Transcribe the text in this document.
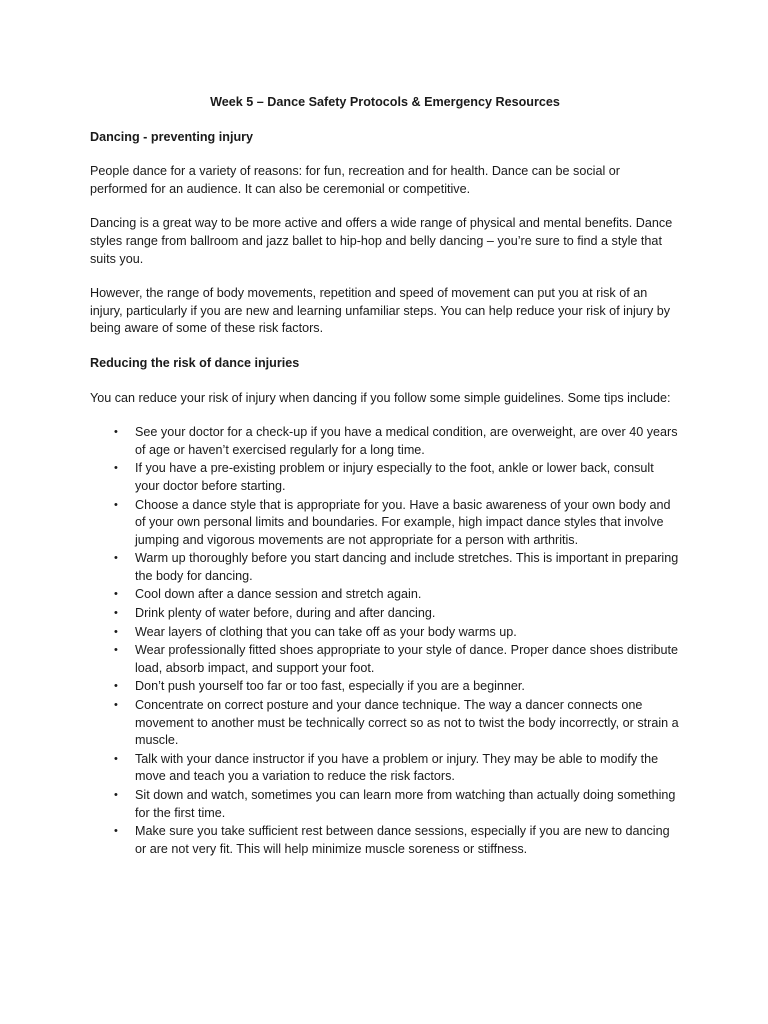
Week 5 – Dance Safety Protocols & Emergency Resources
Dancing - preventing injury

People dance for a variety of reasons: for fun, recreation and for health. Dance can be social or performed for an audience. It can also be ceremonial or competitive.

Dancing is a great way to be more active and offers a wide range of physical and mental benefits. Dance styles range from ballroom and jazz ballet to hip-hop and belly dancing – you’re sure to find a style that suits you.

However, the range of body movements, repetition and speed of movement can put you at risk of an injury, particularly if you are new and learning unfamiliar steps. You can help reduce your risk of injury by being aware of some of these risk factors.

Reducing the risk of dance injuries

You can reduce your risk of injury when dancing if you follow some simple guidelines. Some tips include:

• See your doctor for a check-up if you have a medical condition, are overweight, are over 40 years of age or haven’t exercised regularly for a long time.
• If you have a pre-existing problem or injury especially to the foot, ankle or lower back, consult your doctor before starting.
• Choose a dance style that is appropriate for you. Have a basic awareness of your own body and of your own personal limits and boundaries. For example, high impact dance styles that involve jumping and vigorous movements are not appropriate for a person with arthritis.
• Warm up thoroughly before you start dancing and include stretches. This is important in preparing the body for dancing.
• Cool down after a dance session and stretch again.
• Drink plenty of water before, during and after dancing.
• Wear layers of clothing that you can take off as your body warms up.
• Wear professionally fitted shoes appropriate to your style of dance. Proper dance shoes distribute load, absorb impact, and support your foot.
• Don’t push yourself too far or too fast, especially if you are a beginner.
• Concentrate on correct posture and your dance technique. The way a dancer connects one movement to another must be technically correct so as not to twist the body incorrectly, or strain a muscle.
• Talk with your dance instructor if you have a problem or injury. They may be able to modify the move and teach you a variation to reduce the risk factors.
• Sit down and watch, sometimes you can learn more from watching than actually doing something for the first time.
• Make sure you take sufficient rest between dance sessions, especially if you are new to dancing or are not very fit. This will help minimize muscle soreness or stiffness.
